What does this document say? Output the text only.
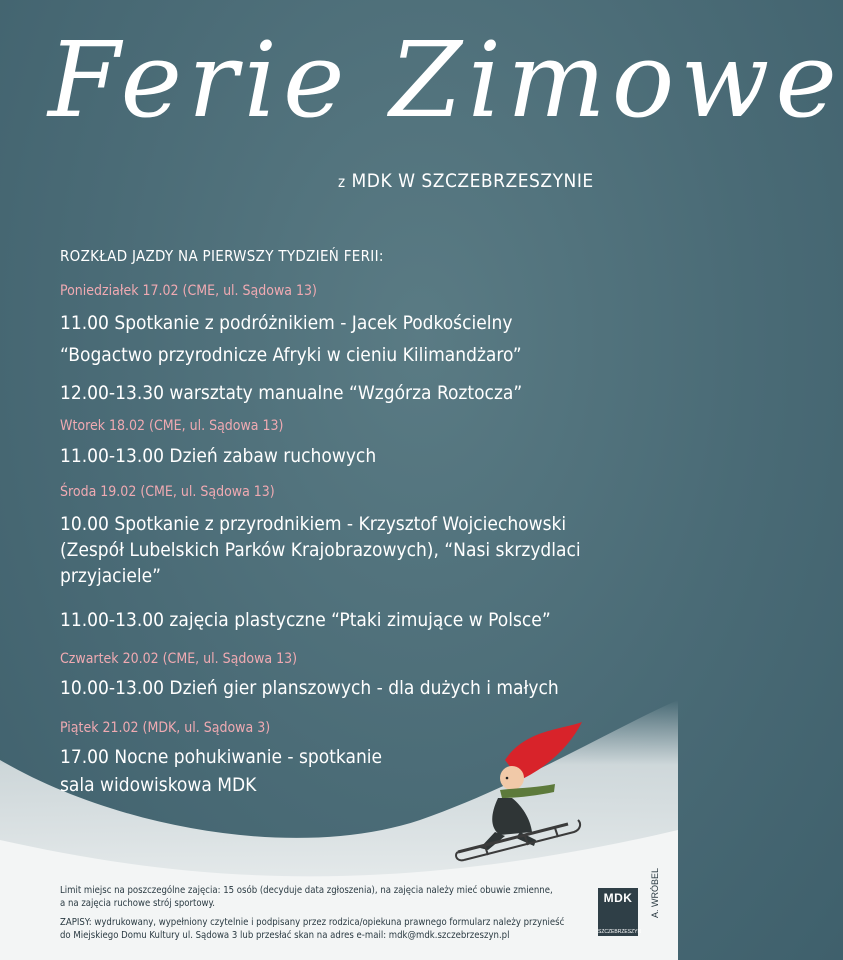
Ferie Zimowe
z MDK W SZCZEBRZESZYNIE
ROZKŁAD JAZDY NA PIERWSZY TYDZIEŃ FERII:
Poniedziałek 17.02 (CME, ul. Sądowa 13)
11.00 Spotkanie z podróżnikiem - Jacek Podkościelny
“Bogactwo przyrodnicze Afryki w cieniu Kilimandżaro”
12.00-13.30 warsztaty manualne “Wzgórza Roztocza”
Wtorek 18.02 (CME, ul. Sądowa 13)
11.00-13.00 Dzień zabaw ruchowych
Środa 19.02 (CME, ul. Sądowa 13)
10.00 Spotkanie z przyrodnikiem - Krzysztof Wojciechowski
(Zespół Lubelskich Parków Krajobrazowych), “Nasi skrzydlaci
przyjaciele”
11.00-13.00 zajęcia plastyczne “Ptaki zimujące w Polsce”
Czwartek 20.02 (CME, ul. Sądowa 13)
10.00-13.00 Dzień gier planszowych - dla dużych i małych
Piątek 21.02 (MDK, ul. Sądowa 3)
17.00 Nocne pohukiwanie - spotkanie
sala widowiskowa MDK
Limit miejsc na poszczególne zajęcia: 15 osób (decyduje data zgłoszenia), na zajęcia należy mieć obuwie zmienne,
a na zajęcia ruchowe strój sportowy.
ZAPISY: wydrukowany, wypełniony czytelnie i podpisany przez rodzica/opiekuna prawnego formularz należy przynieść
do Miejskiego Domu Kultury ul. Sądowa 3 lub przesłać skan na adres e-mail: mdk@mdk.szczebrzeszyn.pl
MDK
SZCZEBRZESZYN
A. WRÓBEL
